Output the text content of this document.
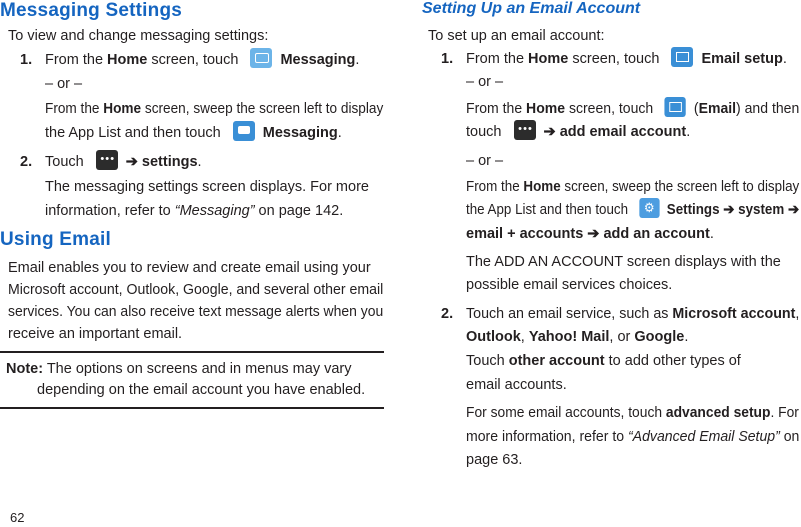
Messaging Settings
To view and change messaging settings:
1. From the Home screen, touch	Messaging.
– or –
From the Home screen, sweep the screen left to display
the App List and then touch	Messaging.
2. Touch • • • ➔ settings.
The messaging settings screen displays. For more
information, refer to “Messaging” on page 142.
Using Email
Email enables you to review and create email using your
Microsoft account, Outlook, Google, and several other email
services. You can also receive text message alerts when you
receive an important email.
Note: The options on screens and in menus may vary
depending on the email account you have enabled.
Setting Up an Email Account
To set up an email account:
1. From the Home screen, touch	Email setup.
– or –
From the Home screen, touch	(Email) and then
touch • • • ➔ add email account.
– or –
From the Home screen, sweep the screen left to display
the App List and then touch ⚙ Settings ➔ system ➔
email + accounts ➔ add an account.
The ADD AN ACCOUNT screen displays with the
possible email services choices.
2. Touch an email service, such as Microsoft account,
Outlook, Yahoo! Mail, or Google.
Touch other account to add other types of
email accounts.
For some email accounts, touch advanced setup. For
more information, refer to “Advanced Email Setup” on
page 63.
62
